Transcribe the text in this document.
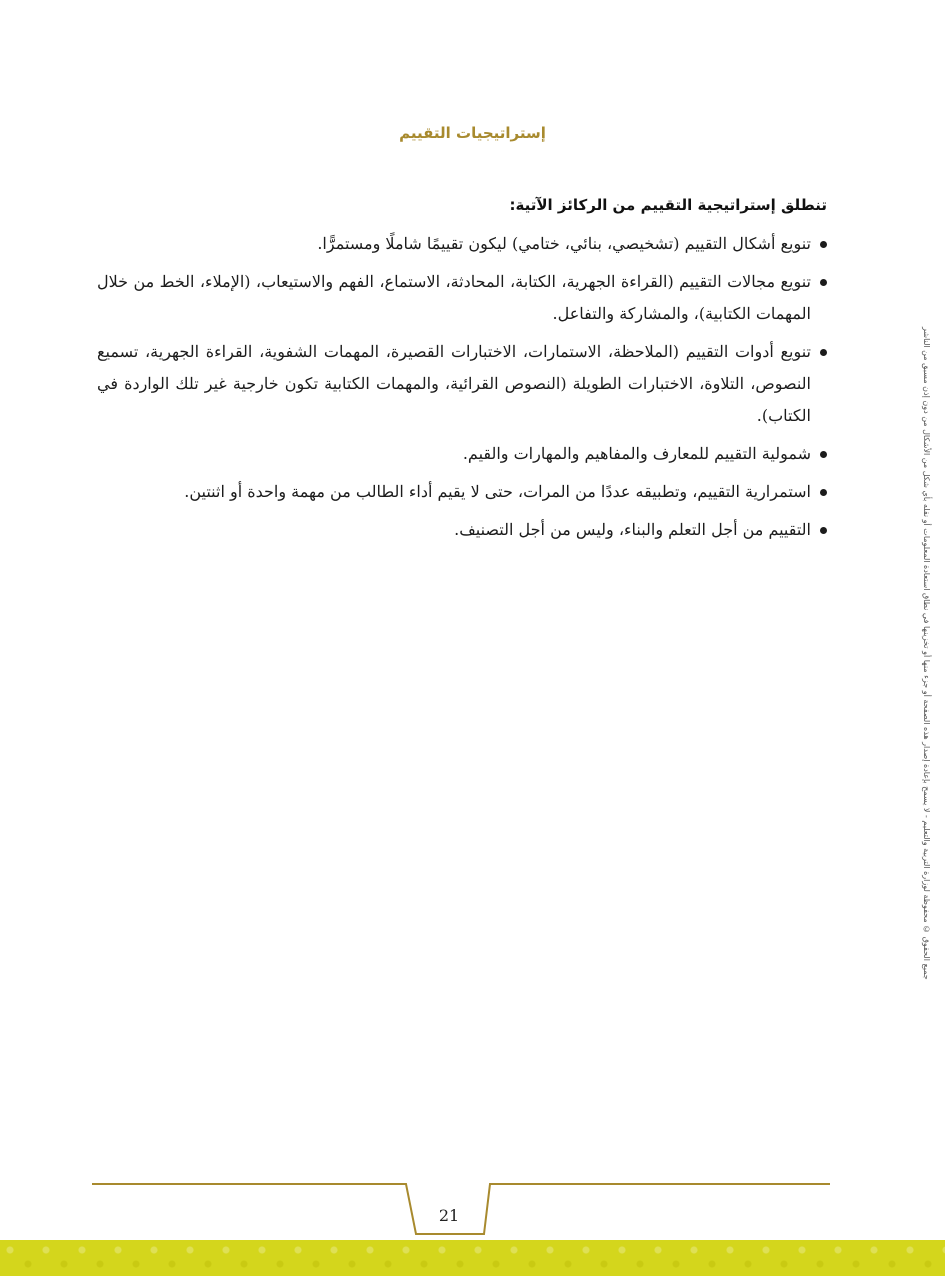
إستراتيجيات التقييم
تنطلق إستراتيجية التقييم من الركائز الآتية:
تنويع أشكال التقييم (تشخيصي، بنائي، ختامي) ليكون تقييمًا شاملًا ومستمرًّا.
تنويع مجالات التقييم (القراءة الجهرية، الكتابة، المحادثة، الاستماع، الفهم والاستيعاب، (الإملاء، الخط من خلال المهمات الكتابية)، والمشاركة والتفاعل.
تنويع أدوات التقييم (الملاحظة، الاستمارات، الاختبارات القصيرة، المهمات الشفوية، القراءة الجهرية، تسميع النصوص، التلاوة، الاختبارات الطويلة (النصوص القرائية، والمهمات الكتابية تكون خارجية غير تلك الواردة في الكتاب).
شمولية التقييم للمعارف والمفاهيم والمهارات والقيم.
استمرارية التقييم، وتطبيقه عددًا من المرات، حتى لا يقيم أداء الطالب من مهمة واحدة أو اثنتين.
التقييم من أجل التعلم والبناء، وليس من أجل التصنيف.	جميع الحقوق © محفوظة لوزارة التربية والتعليم - لا يسمح بإعادة إصدار هذه الصفحة أو جزء منها أو تخزينها في نطاق استعادة المعلومات أو نقله بأي شكل من الأشكال من دون إذن مسبق من الناشر
21
